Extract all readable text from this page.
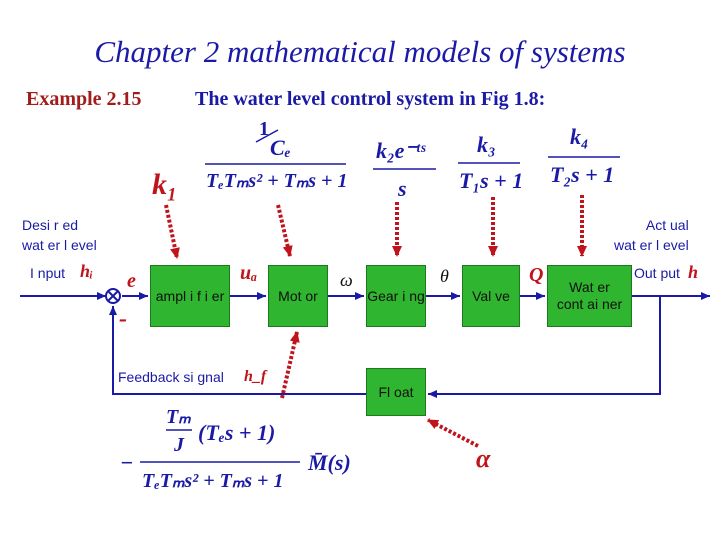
Chapter 2 mathematical models of systems
Example 2.15	The water level control system in Fig 1.8:
ampl i f i er	Mot or	Gear i ng	Val ve
Wat er
cont ai ner
Fl oat
Desi r ed
wat er l evel
I nput
Act ual
wat er l evel
Out put
Feedback si gnal
-
hᵢ e	uₐ	ω	θ	Q	h
h_f
α
k₁
1
Cₑ
TₑTₘs² + Tₘs + 1
k₂e⁻ᵗˢ
s
k₃
T₁s + 1
k₄
T₂s + 1
Tₘ
J (Tₑs + 1)
−
TₑTₘs² + Tₘs + 1
M̄(s)
